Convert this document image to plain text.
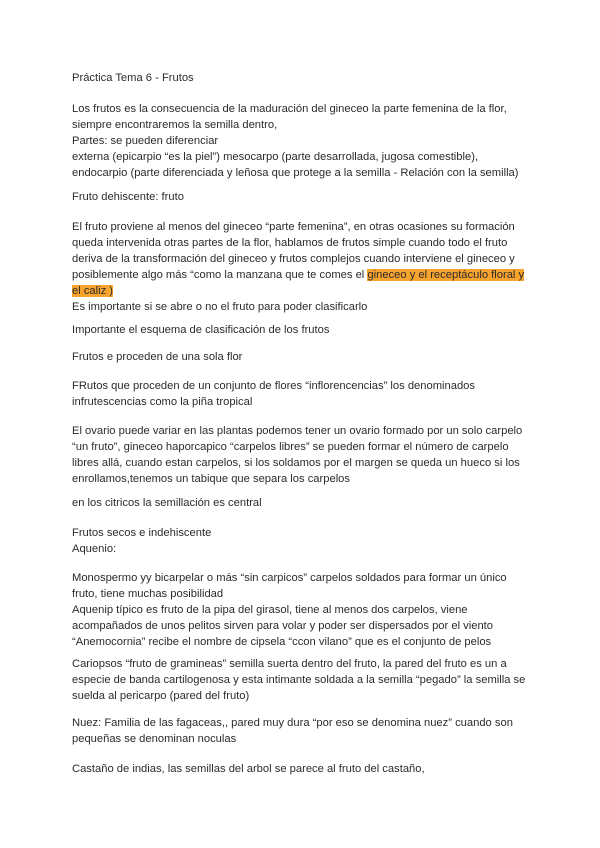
Práctica Tema 6 - Frutos
Los frutos es la consecuencia de la maduración del gineceo la parte femenina de la flor,
siempre encontraremos la semilla dentro,
Partes: se pueden diferenciar
externa (epicarpio “es la piel”) mesocarpo (parte desarrollada, jugosa comestible),
endocarpio (parte diferenciada y leñosa que protege a la semilla - Relación con la semilla)
Fruto dehiscente: fruto
El fruto proviene al menos del gineceo “parte femenina”, en otras ocasiones su formación
queda intervenida otras partes de la flor, hablamos de frutos simple cuando todo el fruto
deriva de la transformación del gineceo y frutos complejos cuando interviene el gineceo y
posiblemente algo más “como la manzana que te comes el gineceo y el receptáculo floral y
el caliz )
Es importante si se abre o no el fruto para poder clasificarlo
Importante el esquema de clasificación de los frutos
Frutos e proceden de una sola flor
FRutos que proceden de un conjunto de flores “inflorencencias” los denominados
infrutescencias como la piña tropical
El ovario puede variar en las plantas podemos tener un ovario formado por un solo carpelo
“un fruto”, gineceo haporcapico “carpelos libres” se pueden formar el número de carpelo
libres allá, cuando estan carpelos, si los soldamos por el margen se queda un hueco si los
enrollamos,tenemos un tabique que separa los carpelos
en los citricos la semillación es central
Frutos secos e indehiscente
Aquenio:
Monospermo yy bicarpelar o más “sin carpicos” carpelos soldados para formar un único
fruto, tiene muchas posibilidad
Aquenip típico es fruto de la pipa del girasol, tiene al menos dos carpelos, viene
acompañados de unos pelitos sirven para volar y poder ser dispersados por el viento
“Anemocornia” recibe el nombre de cipsela “ccon vilano” que es el conjunto de pelos
Cariopsos “fruto de gramineas” semilla suerta dentro del fruto, la pared del fruto es un a
especie de banda cartilogenosa y esta intimante soldada a la semilla “pegado” la semilla se
suelda al pericarpo (pared del fruto)
Nuez: Familia de las fagaceas,, pared muy dura “por eso se denomina nuez” cuando son
pequeñas se denominan noculas
Castaño de indias, las semillas del arbol se parece al fruto del castaño,
